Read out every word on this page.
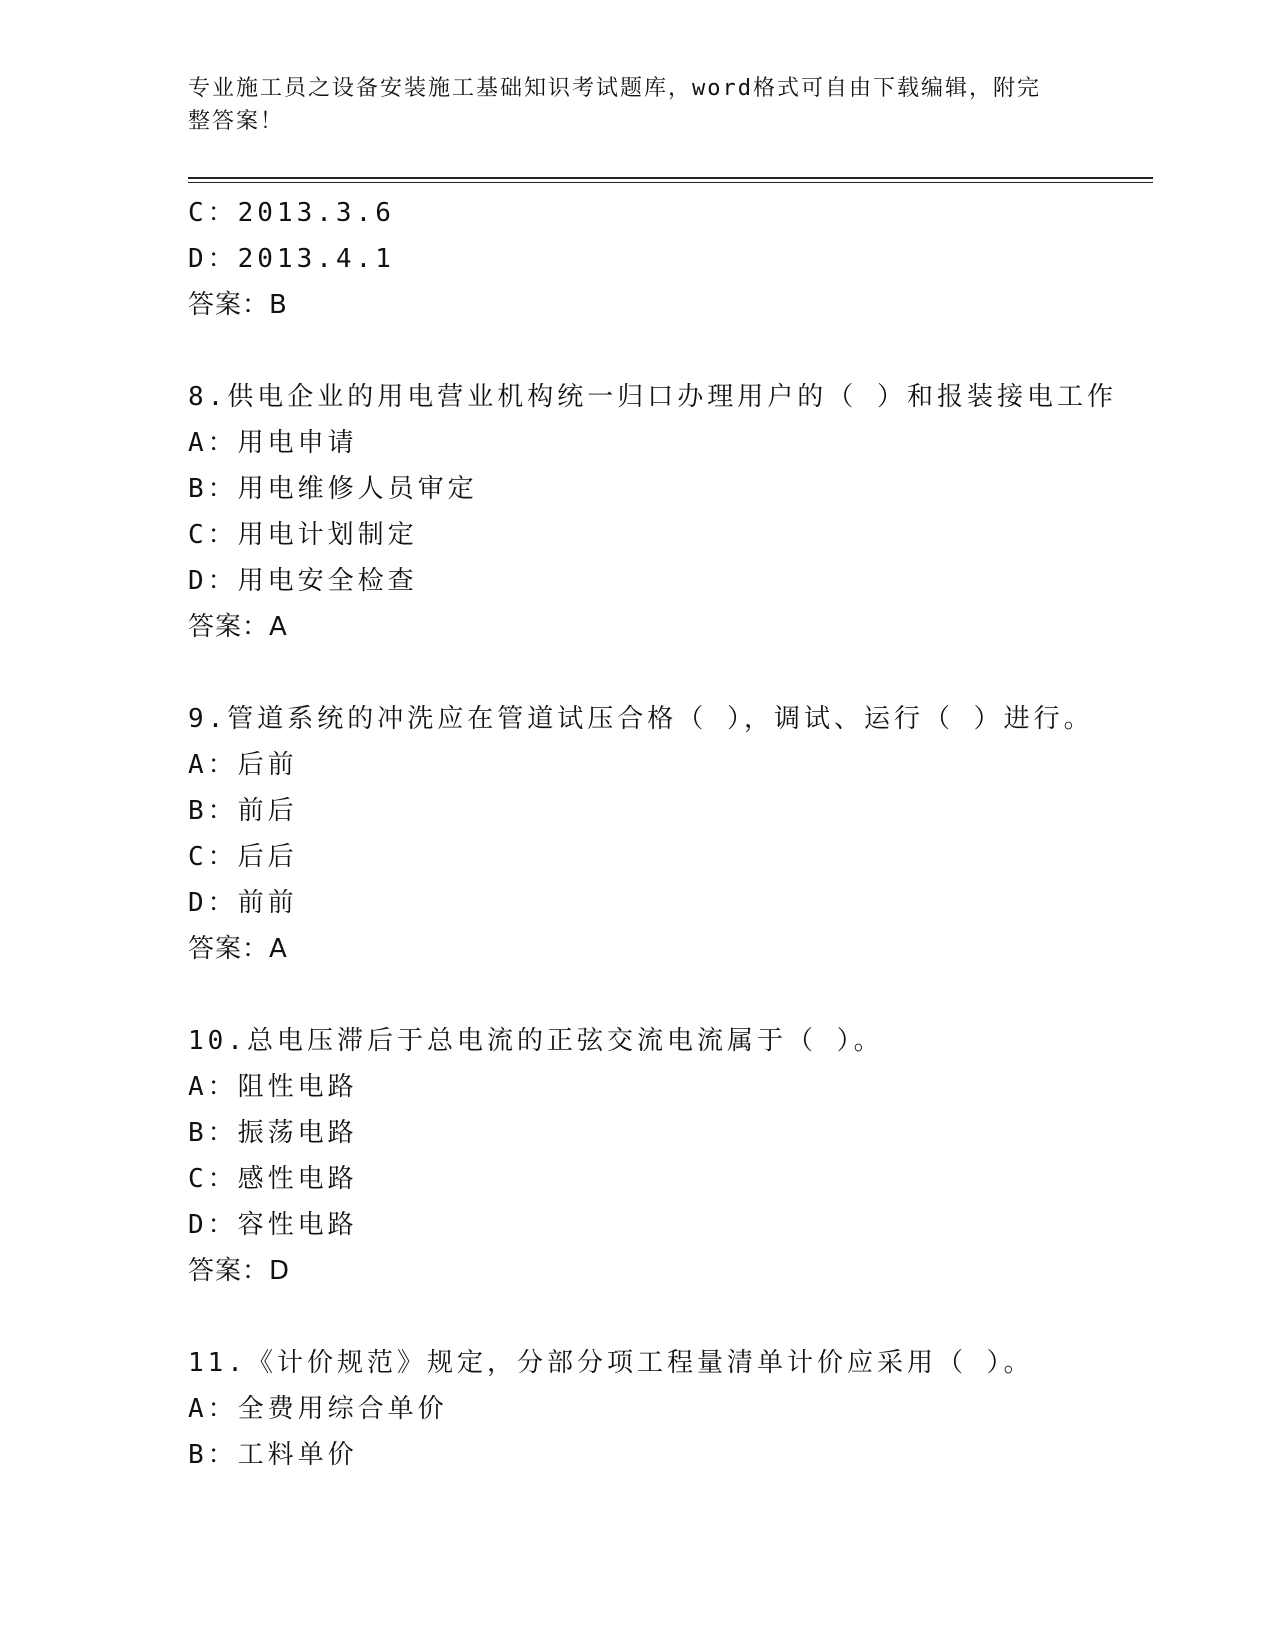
专业施工员之设备安装施工基础知识考试题库，word格式可自由下载编辑，附完
整答案！
C：2013.3.6
D：2013.4.1
答案：B
8.供电企业的用电营业机构统一归口办理用户的（ ）和报装接电工作
A：用电申请
B：用电维修人员审定
C：用电计划制定
D：用电安全检查
答案：A
9.管道系统的冲洗应在管道试压合格（ ），调试、运行（ ）进行。
A：后前
B：前后
C：后后
D：前前
答案：A
10.总电压滞后于总电流的正弦交流电流属于（ ）。
A：阻性电路
B：振荡电路
C：感性电路
D：容性电路
答案：D
11.《计价规范》规定，分部分项工程量清单计价应采用（ ）。
A：全费用综合单价
B：工料单价
